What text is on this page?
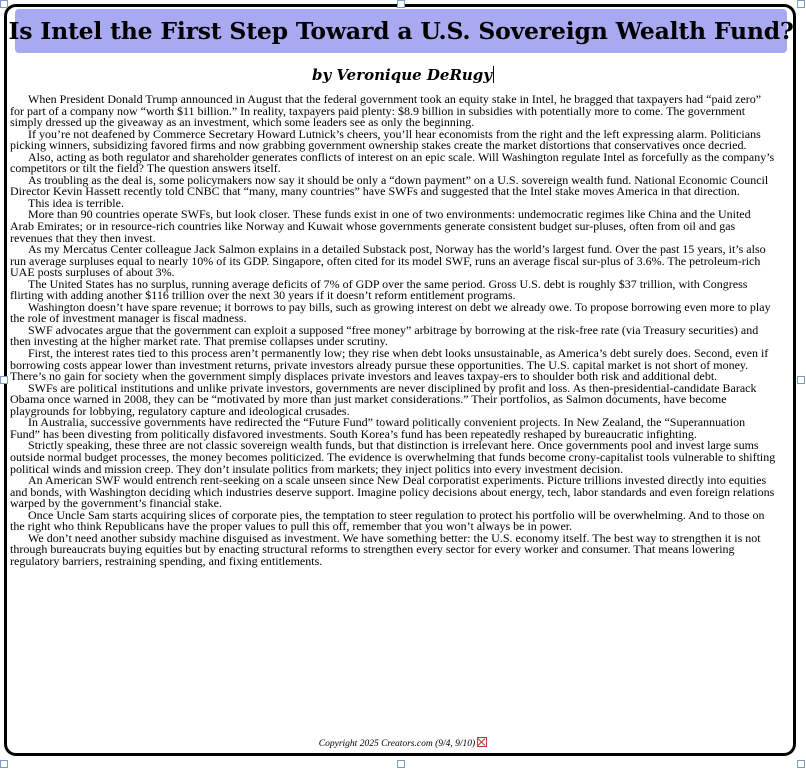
Is Intel the First Step Toward a U.S. Sovereign Wealth Fund?
by Veronique DeRugy

When President Donald Trump announced in August that the federal government took an equity stake in Intel, he bragged that taxpayers had “paid zero” for part of a company now “worth $11 billion.” In reality, taxpayers paid plenty: $8.9 billion in subsidies with potentially more to come. The government simply dressed up the giveaway as an investment, which some leaders see as only the beginning.

If you’re not deafened by Commerce Secretary Howard Lutnick’s cheers, you’ll hear economists from the right and the left expressing alarm. Politicians picking winners, subsidizing favored firms and now grabbing government ownership stakes create the market distortions that conservatives once decried.

Also, acting as both regulator and shareholder generates conflicts of interest on an epic scale. Will Washington regulate Intel as forcefully as the company’s competitors or tilt the field? The question answers itself.

As troubling as the deal is, some policymakers now say it should be only a “down payment” on a U.S. sovereign wealth fund. National Economic Council Director Kevin Hassett recently told CNBC that “many, many countries” have SWFs and suggested that the Intel stake moves America in that direction.

This idea is terrible.

More than 90 countries operate SWFs, but look closer. These funds exist in one of two environments: undemocratic regimes like China and the United Arab Emirates; or in resource-rich countries like Norway and Kuwait whose governments generate consistent budget sur-pluses, often from oil and gas revenues that they then invest.

As my Mercatus Center colleague Jack Salmon explains in a detailed Substack post, Norway has the world’s largest fund. Over the past 15 years, it’s also run average surpluses equal to nearly 10% of its GDP. Singapore, often cited for its model SWF, runs an average fiscal sur-plus of 3.6%. The petroleum-rich UAE posts surpluses of about 3%.

The United States has no surplus, running average deficits of 7% of GDP over the same period. Gross U.S. debt is roughly $37 trillion, with Congress flirting with adding another $116 trillion over the next 30 years if it doesn’t reform entitlement programs.

Washington doesn’t have spare revenue; it borrows to pay bills, such as growing interest on debt we already owe. To propose borrowing even more to play the role of investment manager is fiscal madness.

SWF advocates argue that the government can exploit a supposed “free money” arbitrage by borrowing at the risk-free rate (via Treasury securities) and then investing at the higher market rate. That premise collapses under scrutiny.

First, the interest rates tied to this process aren’t permanently low; they rise when debt looks unsustainable, as America’s debt surely does. Second, even if borrowing costs appear lower than investment returns, private investors already pursue these opportunities. The U.S. capital market is not short of money. There’s no gain for society when the government simply displaces private investors and leaves taxpay-ers to shoulder both risk and additional debt.

SWFs are political institutions and unlike private investors, governments are never disciplined by profit and loss. As then-presidential-candidate Barack Obama once warned in 2008, they can be “motivated by more than just market considerations.” Their portfolios, as Salmon documents, have become playgrounds for lobbying, regulatory capture and ideological crusades.

In Australia, successive governments have redirected the “Future Fund” toward politically convenient projects. In New Zealand, the “Superannuation Fund” has been divesting from politically disfavored investments. South Korea’s fund has been repeatedly reshaped by bureaucratic infighting.

Strictly speaking, these three are not classic sovereign wealth funds, but that distinction is irrelevant here. Once governments pool and invest large sums outside normal budget processes, the money becomes politicized. The evidence is overwhelming that funds become crony-capitalist tools vulnerable to shifting political winds and mission creep. They don’t insulate politics from markets; they inject politics into every investment decision.

An American SWF would entrench rent-seeking on a scale unseen since New Deal corporatist experiments. Picture trillions invested directly into equities and bonds, with Washington deciding which industries deserve support. Imagine policy decisions about energy, tech, labor standards and even foreign relations warped by the government’s financial stake.

Once Uncle Sam starts acquiring slices of corporate pies, the temptation to steer regulation to protect his portfolio will be overwhelming. And to those on the right who think Republicans have the proper values to pull this off, remember that you won’t always be in power.

We don’t need another subsidy machine disguised as investment. We have something better: the U.S. economy itself. The best way to strengthen it is not through bureaucrats buying equities but by enacting structural reforms to strengthen every sector for every worker and consumer. That means lowering regulatory barriers, restraining spending, and fixing entitlements.

Copyright 2025 Creators.com (9/4, 9/10)
